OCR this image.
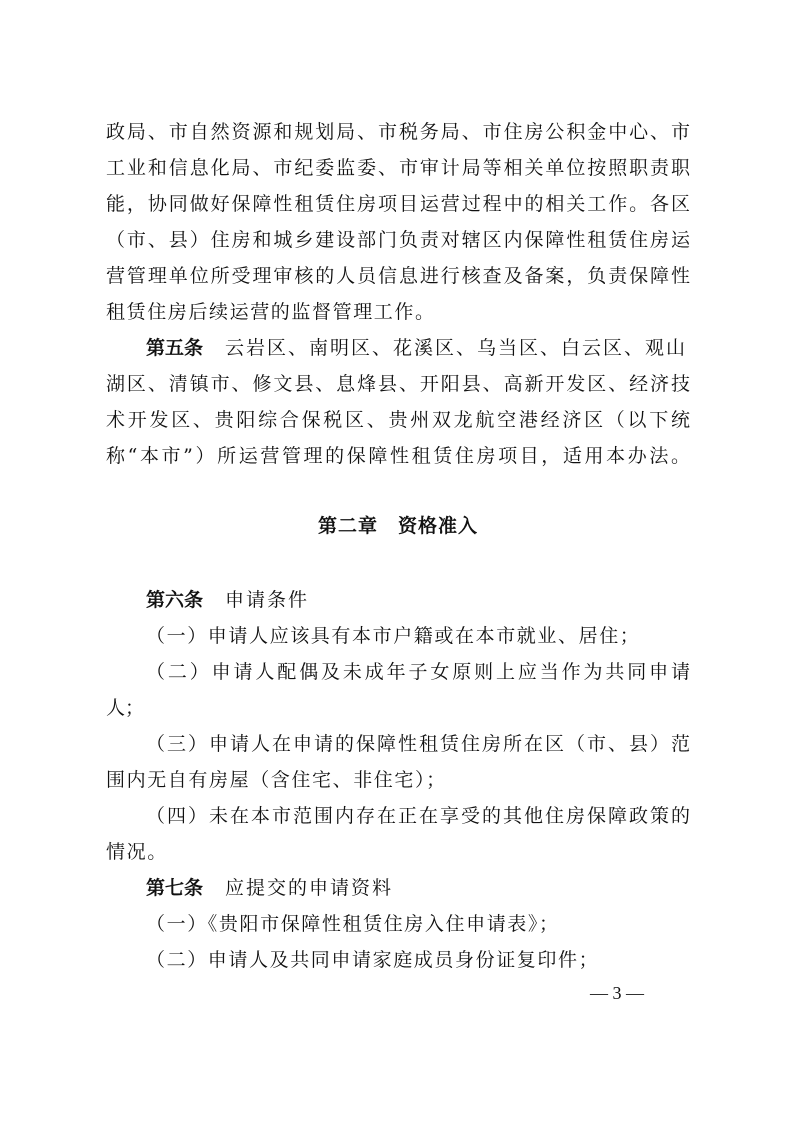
政局、市自然资源和规划局、市税务局、市住房公积金中心、市
工业和信息化局、市纪委监委、市审计局等相关单位按照职责职
能，协同做好保障性租赁住房项目运营过程中的相关工作。各区
（市、县）住房和城乡建设部门负责对辖区内保障性租赁住房运
营管理单位所受理审核的人员信息进行核查及备案，负责保障性
租赁住房后续运营的监督管理工作。
第五条 云岩区、南明区、花溪区、乌当区、白云区、观山
湖区、清镇市、修文县、息烽县、开阳县、高新开发区、经济技
术开发区、贵阳综合保税区、贵州双龙航空港经济区（以下统
称“本市”）所运营管理的保障性租赁住房项目，适用本办法。
第二章　资格准入
第六条 申请条件
（一）申请人应该具有本市户籍或在本市就业、居住；
（二）申请人配偶及未成年子女原则上应当作为共同申请
人；
（三）申请人在申请的保障性租赁住房所在区（市、县）范
围内无自有房屋（含住宅、非住宅）；
（四）未在本市范围内存在正在享受的其他住房保障政策的
情况。
第七条 应提交的申请资料
（一）《贵阳市保障性租赁住房入住申请表》；
（二）申请人及共同申请家庭成员身份证复印件；
— 3 —
